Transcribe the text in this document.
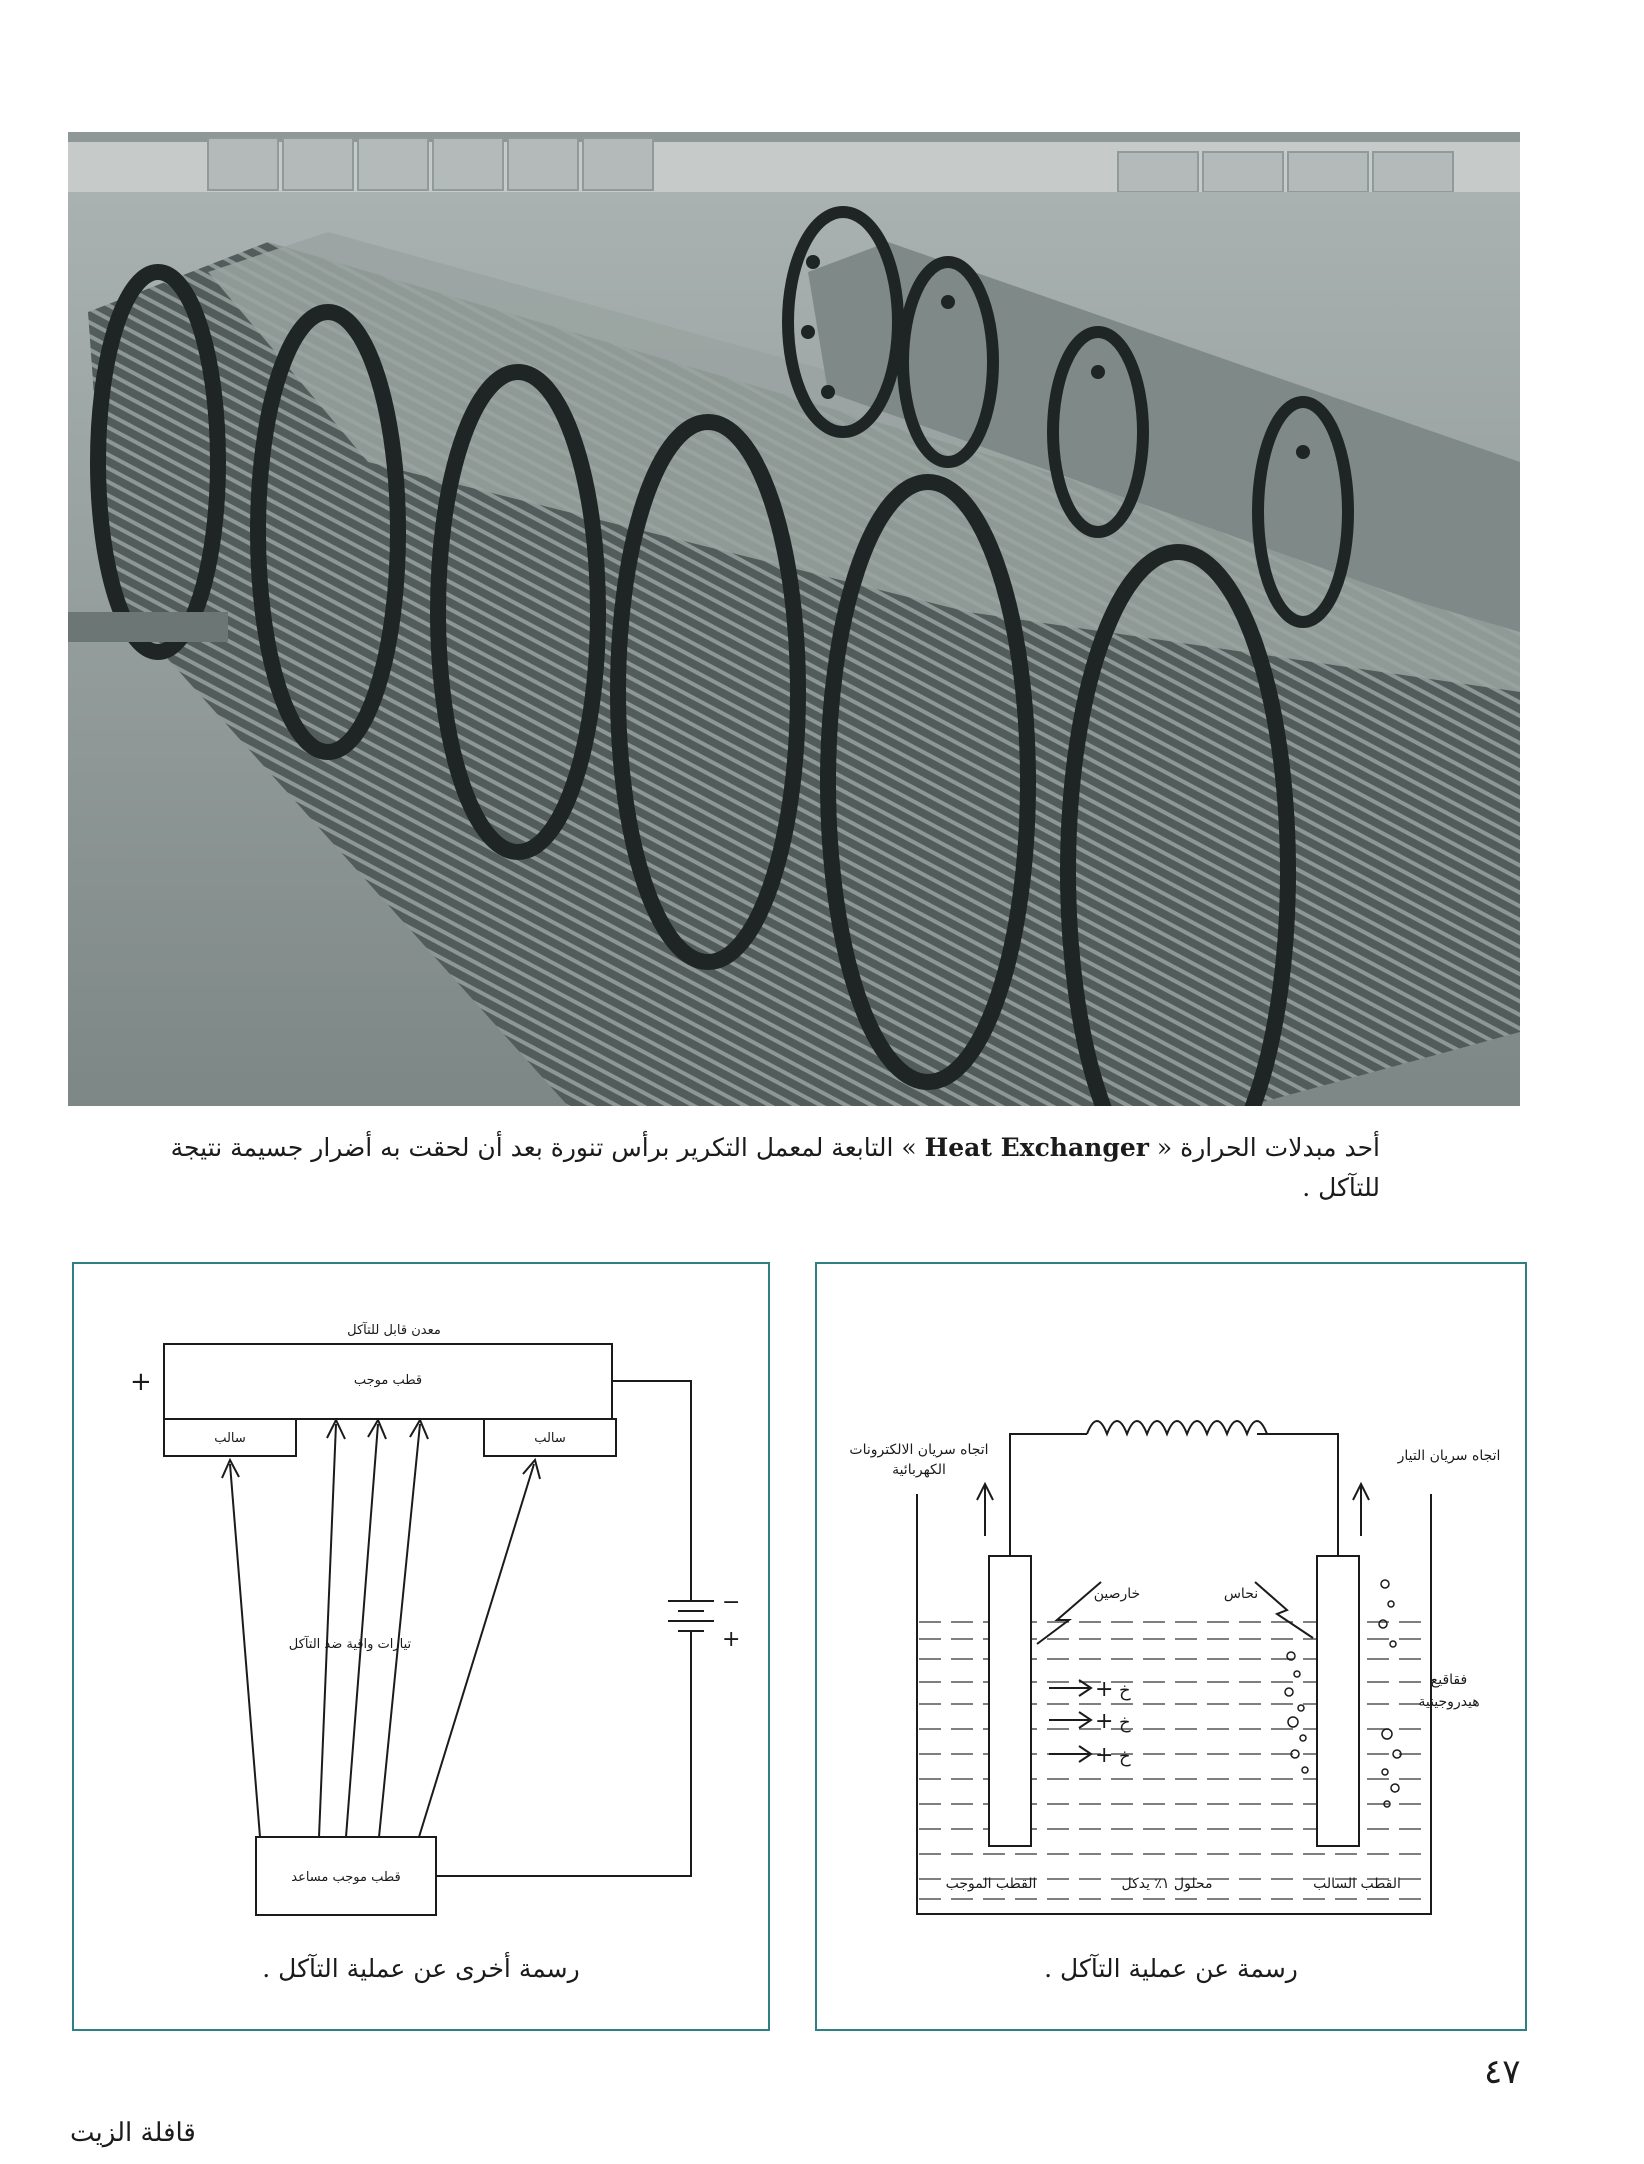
أحد مبدلات الحرارة « Heat Exchanger » التابعة لمعمل التكرير برأس تنورة بعد أن لحقت به أضرار جسيمة نتيجة للتآكل .
معدن قابل للتآكل
قطب موجب
سالب	سالب
تيارات واقية ضد التآكل
قطب موجب مساعد
+
−
+
رسمة أخرى عن عملية التآكل .
اتجاه سريان الالكترونات
الكهربائية
اتجاه سريان التيار
خارصين	نحاس
فقاقيع
هيدروجينية
القطب الموجب	محلول ١٪ يدكل	القطب السالب
+ خ
+ خ
+ خ
رسمة عن عملية التآكل .
٤٧
قافلة الزيت
